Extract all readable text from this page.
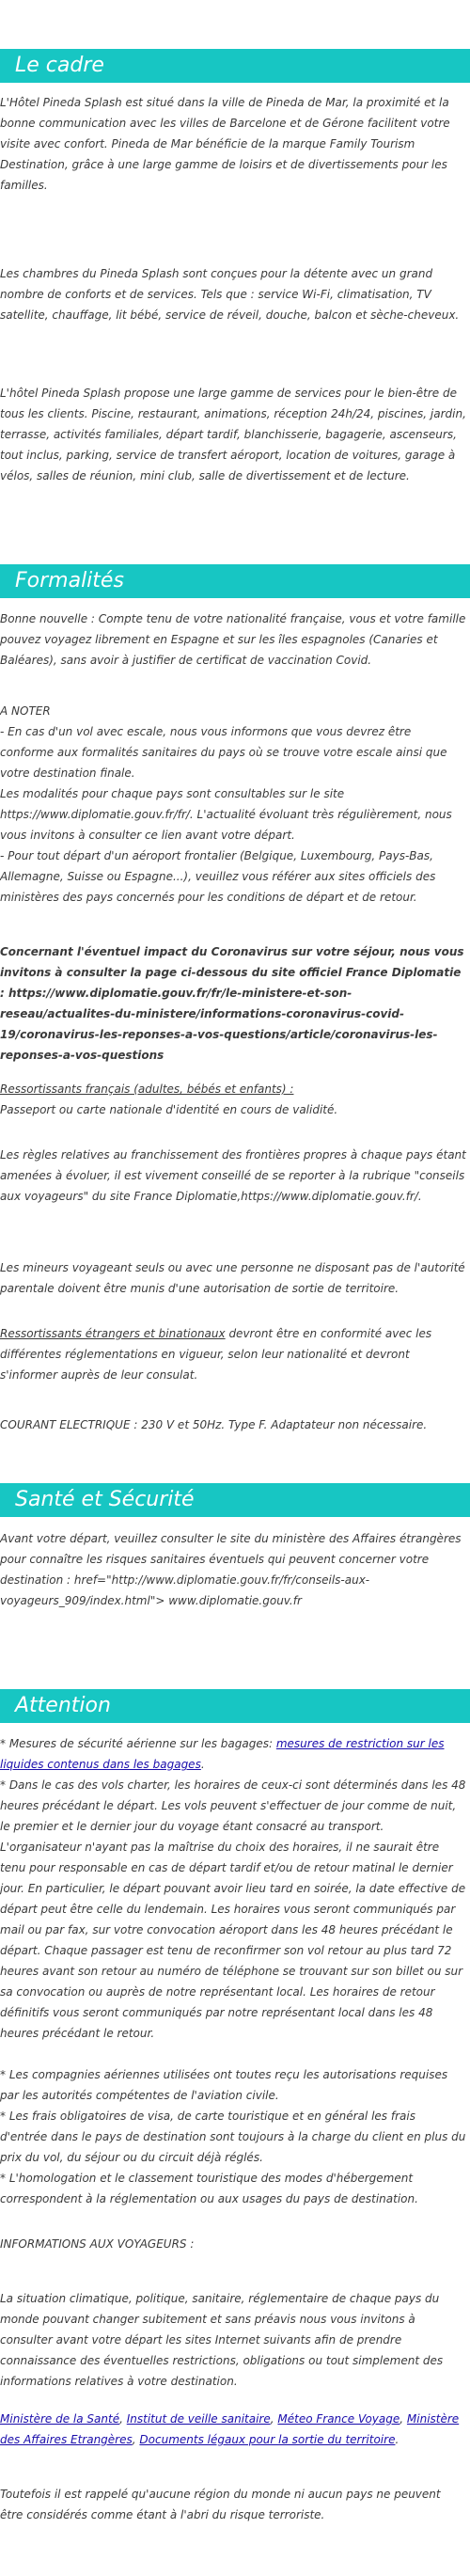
Le cadre

L'Hôtel Pineda Splash est situé dans la ville de Pineda de Mar, la proximité et la bonne communication avec les villes de Barcelone et de Gérone facilitent votre visite avec confort. Pineda de Mar bénéficie de la marque Family Tourism Destination, grâce à une large gamme de loisirs et de divertissements pour les familles.

Les chambres du Pineda Splash sont conçues pour la détente avec un grand nombre de conforts et de services. Tels que : service Wi-Fi, climatisation, TV satellite, chauffage, lit bébé, service de réveil, douche, balcon et sèche-cheveux.

L'hôtel Pineda Splash propose une large gamme de services pour le bien-être de tous les clients. Piscine, restaurant, animations, réception 24h/24, piscines, jardin, terrasse, activités familiales, départ tardif, blanchisserie, bagagerie, ascenseurs, tout inclus, parking, service de transfert aéroport, location de voitures, garage à vélos, salles de réunion, mini club, salle de divertissement et de lecture.

Formalités

Bonne nouvelle : Compte tenu de votre nationalité française, vous et votre famille pouvez voyagez librement en Espagne et sur les îles espagnoles (Canaries et Baléares), sans avoir à justifier de certificat de vaccination Covid.

A NOTER

- En cas d'un vol avec escale, nous vous informons que vous devrez être conforme aux formalités sanitaires du pays où se trouve votre escale ainsi que votre destination finale.

Les modalités pour chaque pays sont consultables sur le site https://www.diplomatie.gouv.fr/fr/. L'actualité évoluant très régulièrement, nous vous invitons à consulter ce lien avant votre départ.

- Pour tout départ d'un aéroport frontalier (Belgique, Luxembourg, Pays-Bas, Allemagne, Suisse ou Espagne...), veuillez vous référer aux sites officiels des ministères des pays concernés pour les conditions de départ et de retour.

Concernant l'éventuel impact du Coronavirus sur votre séjour, nous vous invitons à consulter la page ci-dessous du site officiel France Diplomatie : https://www.diplomatie.gouv.fr/fr/le-ministere-et-son-reseau/actualites-du-ministere/informations-coronavirus-covid-19/coronavirus-les-reponses-a-vos-questions/article/coronavirus-les-reponses-a-vos-questions

Ressortissants français (adultes, bébés et enfants) :

Passeport ou carte nationale d'identité en cours de validité.

Les règles relatives au franchissement des frontières propres à chaque pays étant amenées à évoluer, il est vivement conseillé de se reporter à la rubrique "conseils aux voyageurs" du site France Diplomatie,https://www.diplomatie.gouv.fr/.

Les mineurs voyageant seuls ou avec une personne ne disposant pas de l'autorité parentale doivent être munis d'une autorisation de sortie de territoire.

Ressortissants étrangers et binationaux devront être en conformité avec les différentes réglementations en vigueur, selon leur nationalité et devront s'informer auprès de leur consulat.

COURANT ELECTRIQUE : 230 V et 50Hz. Type F. Adaptateur non nécessaire.

Santé et Sécurité

Avant votre départ, veuillez consulter le site du ministère des Affaires étrangères pour connaître les risques sanitaires éventuels qui peuvent concerner votre destination : href="http://www.diplomatie.gouv.fr/fr/conseils-aux-voyageurs_909/index.html"> www.diplomatie.gouv.fr

Attention

* Mesures de sécurité aérienne sur les bagages: mesures de restriction sur les liquides contenus dans les bagages.

* Dans le cas des vols charter, les horaires de ceux-ci sont déterminés dans les 48 heures précédant le départ. Les vols peuvent s'effectuer de jour comme de nuit, le premier et le dernier jour du voyage étant consacré au transport. L'organisateur n'ayant pas la maîtrise du choix des horaires, il ne saurait être tenu pour responsable en cas de départ tardif et/ou de retour matinal le dernier jour. En particulier, le départ pouvant avoir lieu tard en soirée, la date effective de départ peut être celle du lendemain. Les horaires vous seront communiqués par mail ou par fax, sur votre convocation aéroport dans les 48 heures précédant le départ. Chaque passager est tenu de reconfirmer son vol retour au plus tard 72 heures avant son retour au numéro de téléphone se trouvant sur son billet ou sur sa convocation ou auprès de notre représentant local. Les horaires de retour définitifs vous seront communiqués par notre représentant local dans les 48 heures précédant le retour.

* Les compagnies aériennes utilisées ont toutes reçu les autorisations requises par les autorités compétentes de l'aviation civile.

* Les frais obligatoires de visa, de carte touristique et en général les frais d'entrée dans le pays de destination sont toujours à la charge du client en plus du prix du vol, du séjour ou du circuit déjà réglés.

* L'homologation et le classement touristique des modes d'hébergement correspondent à la réglementation ou aux usages du pays de destination.

INFORMATIONS AUX VOYAGEURS :

La situation climatique, politique, sanitaire, réglementaire de chaque pays du monde pouvant changer subitement et sans préavis nous vous invitons à consulter avant votre départ les sites Internet suivants afin de prendre connaissance des éventuelles restrictions, obligations ou tout simplement des informations relatives à votre destination.

Ministère de la Santé, Institut de veille sanitaire, Méteo France Voyage, Ministère des Affaires Etrangères, Documents légaux pour la sortie du territoire.

Toutefois il est rappelé qu'aucune région du monde ni aucun pays ne peuvent être considérés comme étant à l'abri du risque terroriste.
